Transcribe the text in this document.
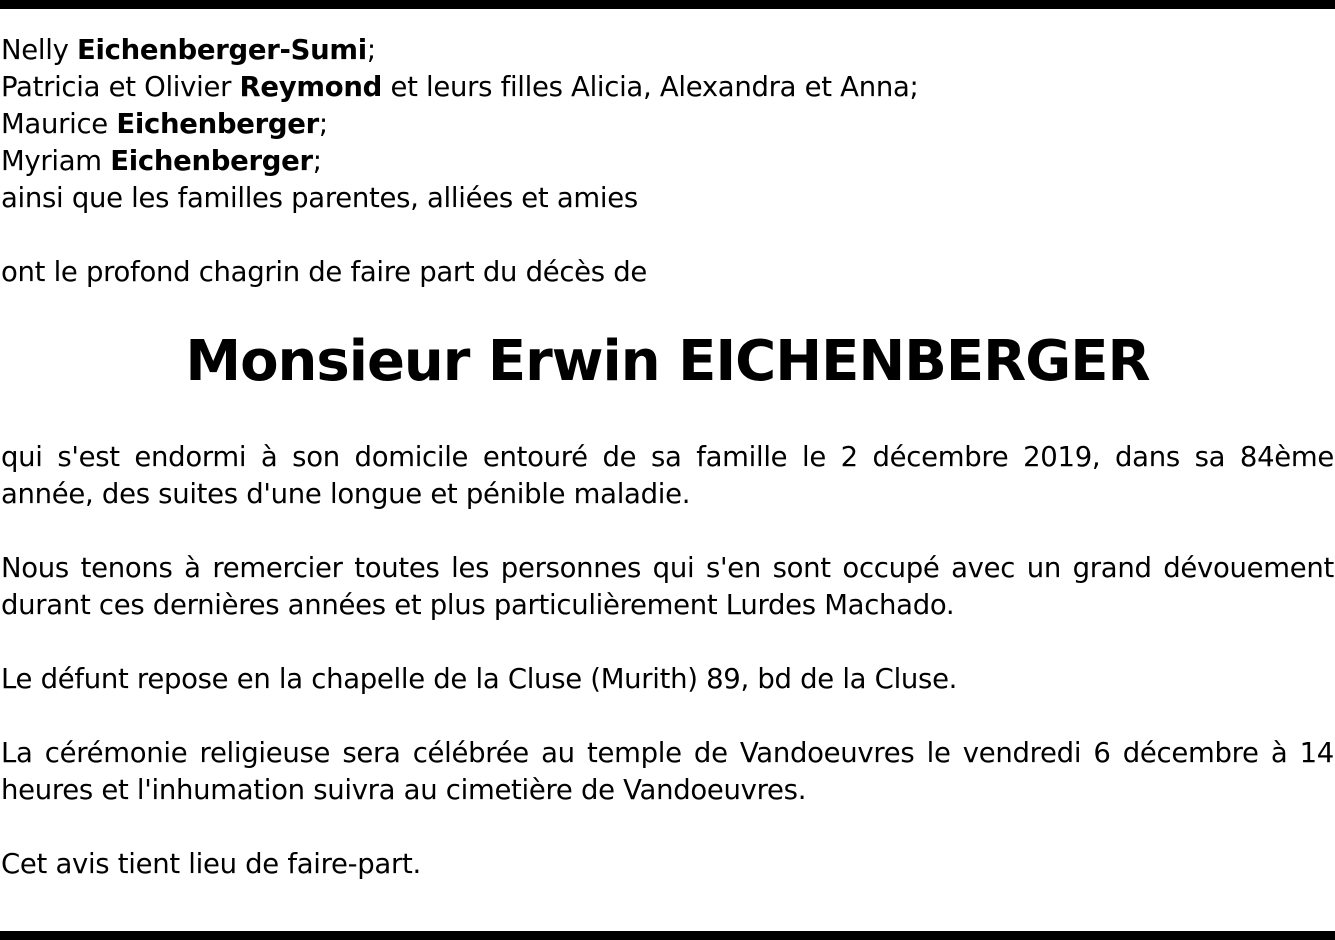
Nelly Eichenberger-Sumi;
Patricia et Olivier Reymond et leurs filles Alicia, Alexandra et Anna;
Maurice Eichenberger;
Myriam Eichenberger;
ainsi que les familles parentes, alliées et amies
ont le profond chagrin de faire part du décès de
Monsieur Erwin EICHENBERGER
qui s'est endormi à son domicile entouré de sa famille le 2 décembre 2019, dans sa 84ème année, des suites d'une longue et pénible maladie.
Nous tenons à remercier toutes les personnes qui s'en sont occupé avec un grand dévouement durant ces dernières années et plus particulièrement Lurdes Machado.
Le défunt repose en la chapelle de la Cluse (Murith) 89, bd de la Cluse.
La cérémonie religieuse sera célébrée au temple de Vandoeuvres le vendredi 6 décembre à 14 heures et l'inhumation suivra au cimetière de Vandoeuvres.
Cet avis tient lieu de faire-part.
